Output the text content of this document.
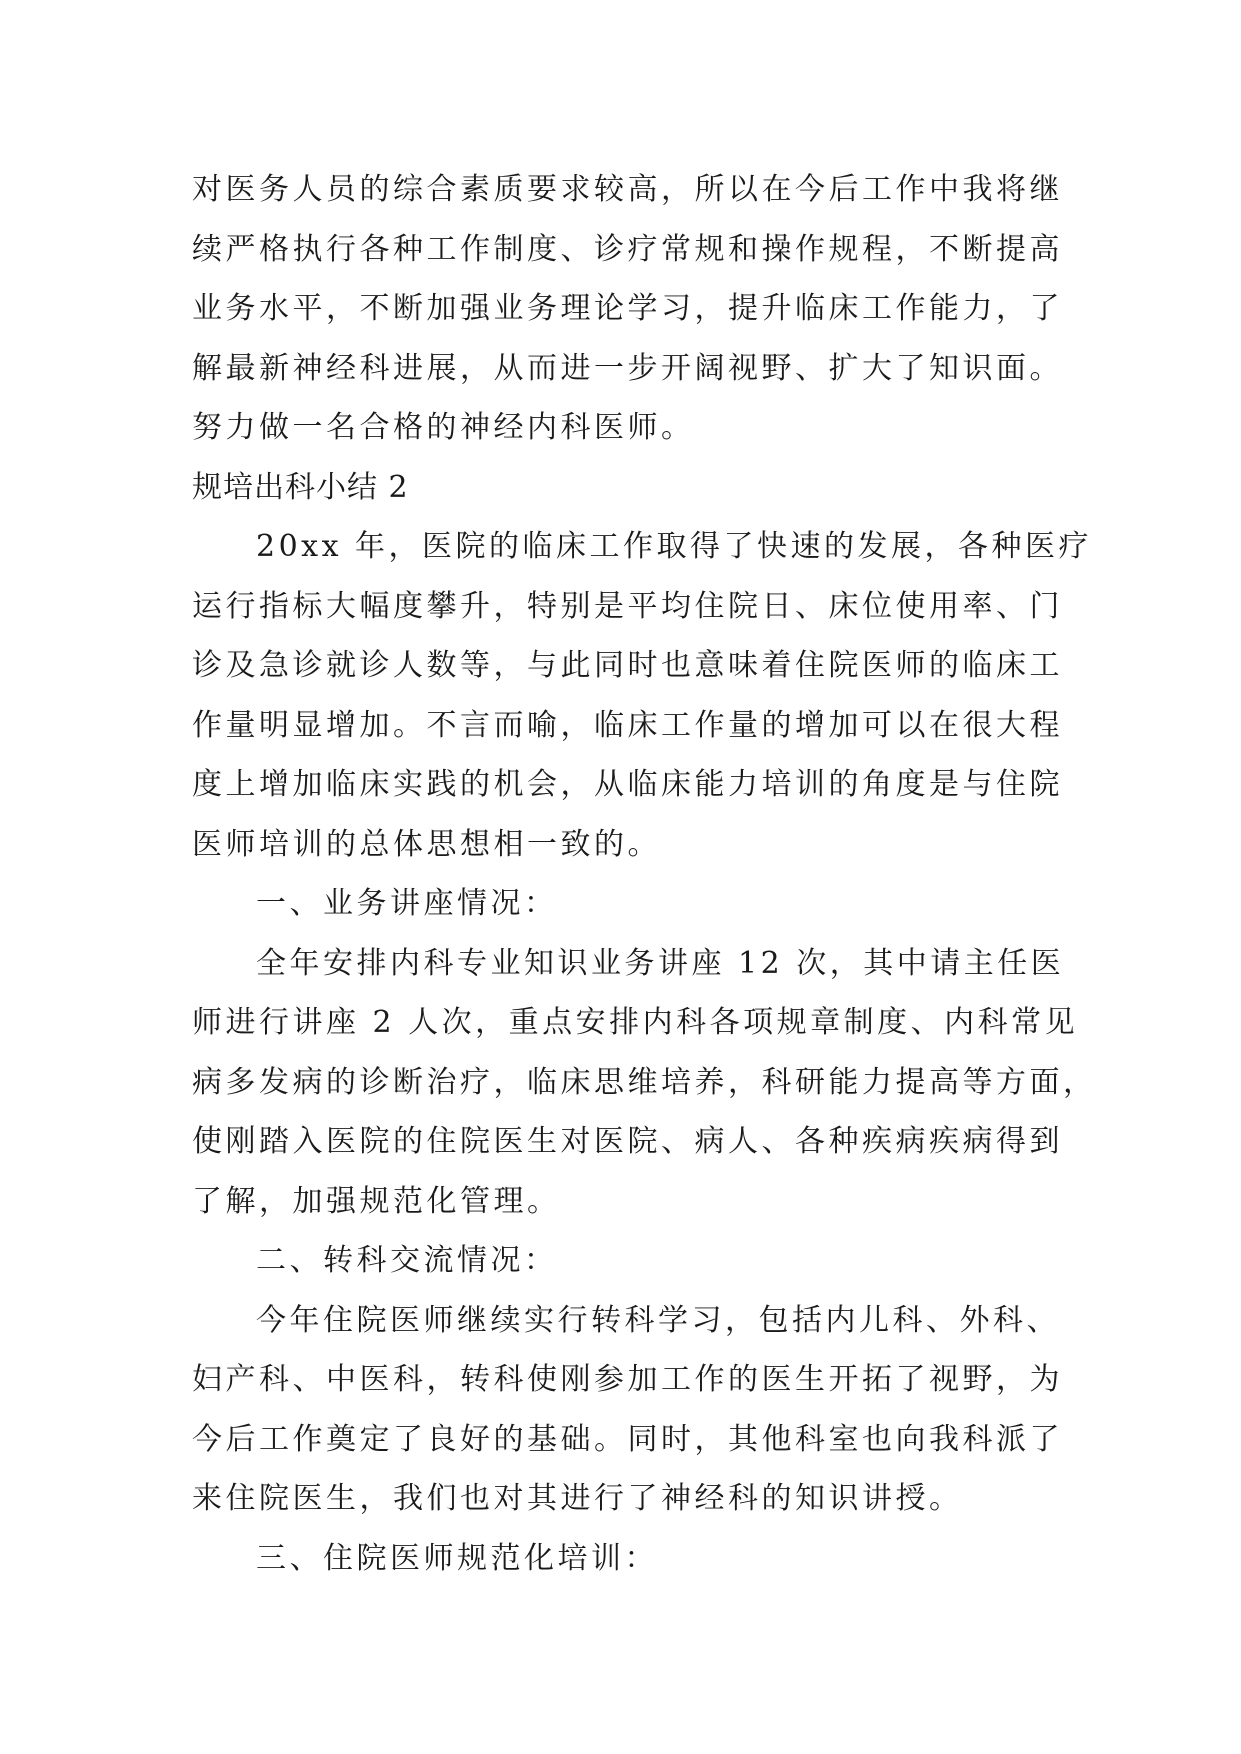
对医务人员的综合素质要求较高，所以在今后工作中我将继
续严格执行各种工作制度、诊疗常规和操作规程，不断提高
业务水平，不断加强业务理论学习，提升临床工作能力，了
解最新神经科进展，从而进一步开阔视野、扩大了知识面。
努力做一名合格的神经内科医师。
规培出科小结 2
20xx 年，医院的临床工作取得了快速的发展，各种医疗
运行指标大幅度攀升，特别是平均住院日、床位使用率、门
诊及急诊就诊人数等，与此同时也意味着住院医师的临床工
作量明显增加。不言而喻，临床工作量的增加可以在很大程
度上增加临床实践的机会，从临床能力培训的角度是与住院
医师培训的总体思想相一致的。
一、业务讲座情况：
全年安排内科专业知识业务讲座 12 次，其中请主任医
师进行讲座 2 人次，重点安排内科各项规章制度、内科常见
病多发病的诊断治疗，临床思维培养，科研能力提高等方面，
使刚踏入医院的住院医生对医院、病人、各种疾病疾病得到
了解，加强规范化管理。
二、转科交流情况：
今年住院医师继续实行转科学习，包括内儿科、外科、
妇产科、中医科，转科使刚参加工作的医生开拓了视野，为
今后工作奠定了良好的基础。同时，其他科室也向我科派了
来住院医生，我们也对其进行了神经科的知识讲授。
三、住院医师规范化培训：
